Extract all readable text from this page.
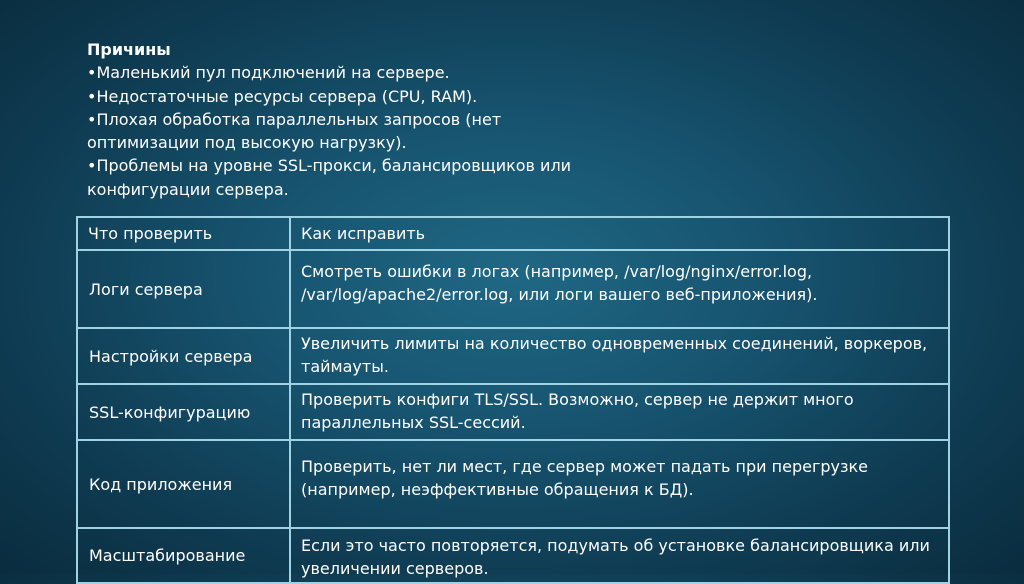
Причины

•Маленький пул подключений на сервере.

•Недостаточные ресурсы сервера (CPU, RAM).

•Плохая обработка параллельных запросов (нет

оптимизации под высокую нагрузку).

•Проблемы на уровне SSL-прокси, балансировщиков или

конфигурации сервера.

Что проверить	Как исправить
Логи сервера	Смотреть ошибки в логах (например, /var/log/nginx/error.log,
/var/log/apache2/error.log, или логи вашего веб-приложения).

Настройки сервера	Увеличить лимиты на количество одновременных соединений, воркеров,
таймауты.

SSL-конфигурацию	Проверить конфиги TLS/SSL. Возможно, сервер не держит много
параллельных SSL-сессий.

Код приложения	Проверить, нет ли мест, где сервер может падать при перегрузке
(например, неэффективные обращения к БД).

Масштабирование	Если это часто повторяется, подумать об установке балансировщика или
увеличении серверов.
